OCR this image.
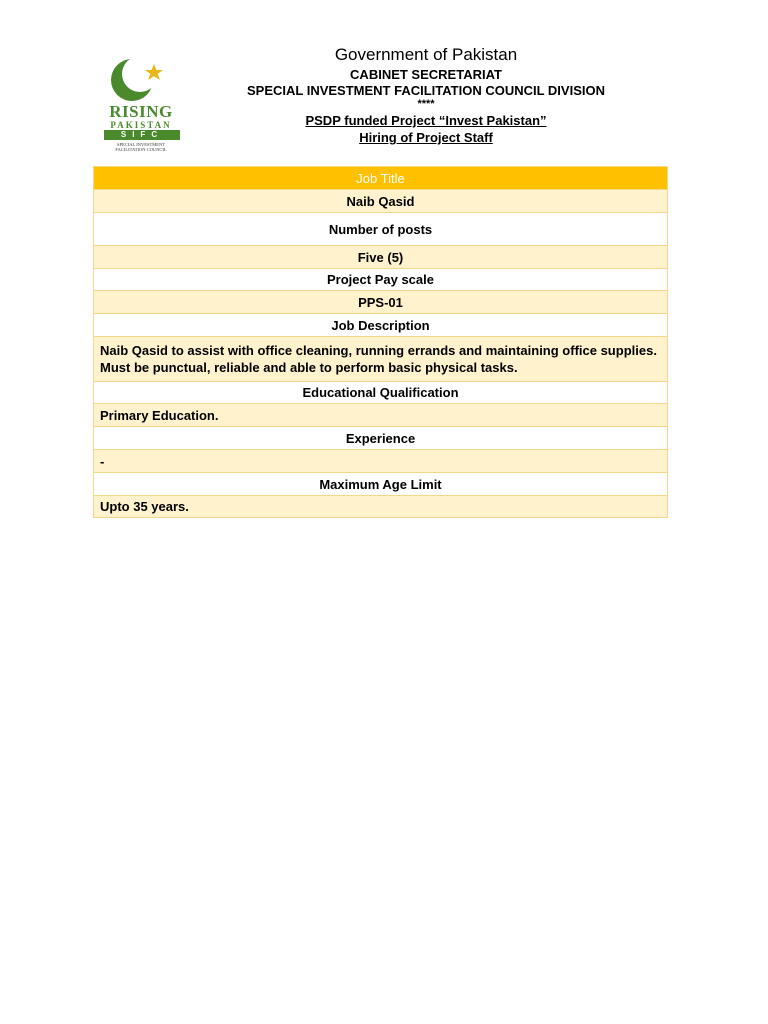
RISING
PAKISTAN
SIFC
SPECIAL INVESTMENT
FACILITATION COUNCIL
Government of Pakistan
CABINET SECRETARIAT
SPECIAL INVESTMENT FACILITATION COUNCIL DIVISION
****
PSDP funded Project “Invest Pakistan”
Hiring of Project Staff
Job Title
Naib Qasid
Number of posts
Five (5)
Project Pay scale
PPS-01
Job Description
Naib Qasid to assist with office cleaning, running errands and maintaining office supplies. Must be punctual, reliable and able to perform basic physical tasks.
Educational Qualification
Primary Education.
Experience
-
Maximum Age Limit
Upto 35 years.
